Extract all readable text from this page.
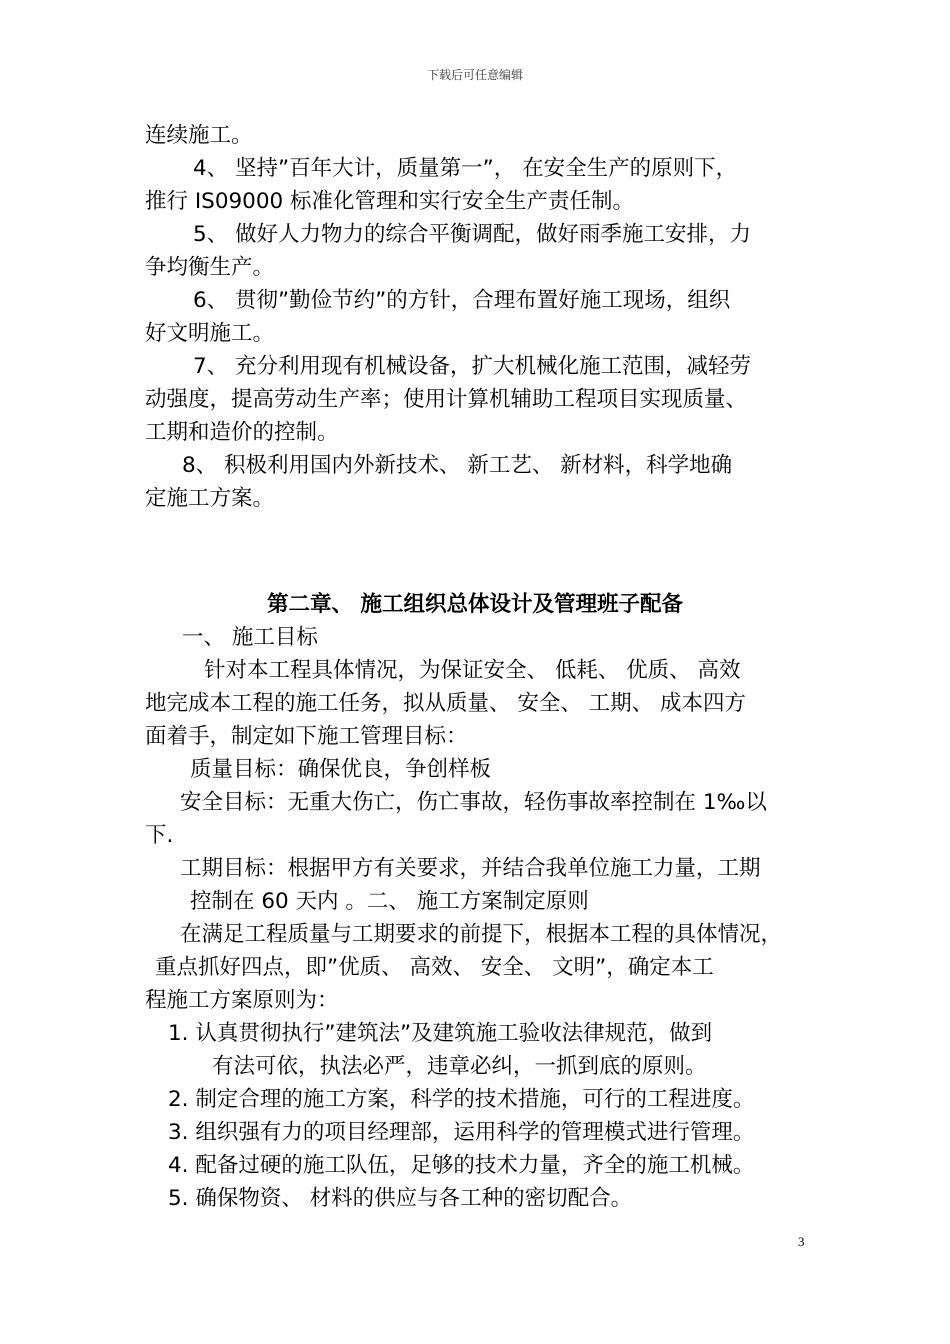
下载后可任意编辑
连续施工。
4、 坚持”百年大计，质量第一”， 在安全生产的原则下，
推行 IS09000 标准化管理和实行安全生产责任制。
5、 做好人力物力的综合平衡调配，做好雨季施工安排，力
争均衡生产。
6、 贯彻”勤俭节约”的方针，合理布置好施工现场，组织
好文明施工。
7、 充分利用现有机械设备，扩大机械化施工范围，减轻劳
动强度，提高劳动生产率；使用计算机辅助工程项目实现质量、
工期和造价的控制。
8、 积极利用国内外新技术、 新工艺、 新材料，科学地确
定施工方案。
第二章、 施工组织总体设计及管理班子配备
一、 施工目标
针对本工程具体情况，为保证安全、 低耗、 优质、 高效
地完成本工程的施工任务，拟从质量、 安全、 工期、 成本四方
面着手，制定如下施工管理目标：
质量目标：确保优良，争创样板
安全目标：无重大伤亡，伤亡事故，轻伤事故率控制在 1‰以
下.
工期目标：根据甲方有关要求，并结合我单位施工力量，工期
控制在 60 天内 。二、 施工方案制定原则
在满足工程质量与工期要求的前提下，根据本工程的具体情况，
重点抓好四点，即”优质、 高效、 安全、 文明”，确定本工
程施工方案原则为：
1. 认真贯彻执行”建筑法”及建筑施工验收法律规范，做到
有法可依，执法必严，违章必纠，一抓到底的原则。
2. 制定合理的施工方案，科学的技术措施，可行的工程进度。
3. 组织强有力的项目经理部，运用科学的管理模式进行管理。
4. 配备过硬的施工队伍，足够的技术力量，齐全的施工机械。
5. 确保物资、 材料的供应与各工种的密切配合。
3
